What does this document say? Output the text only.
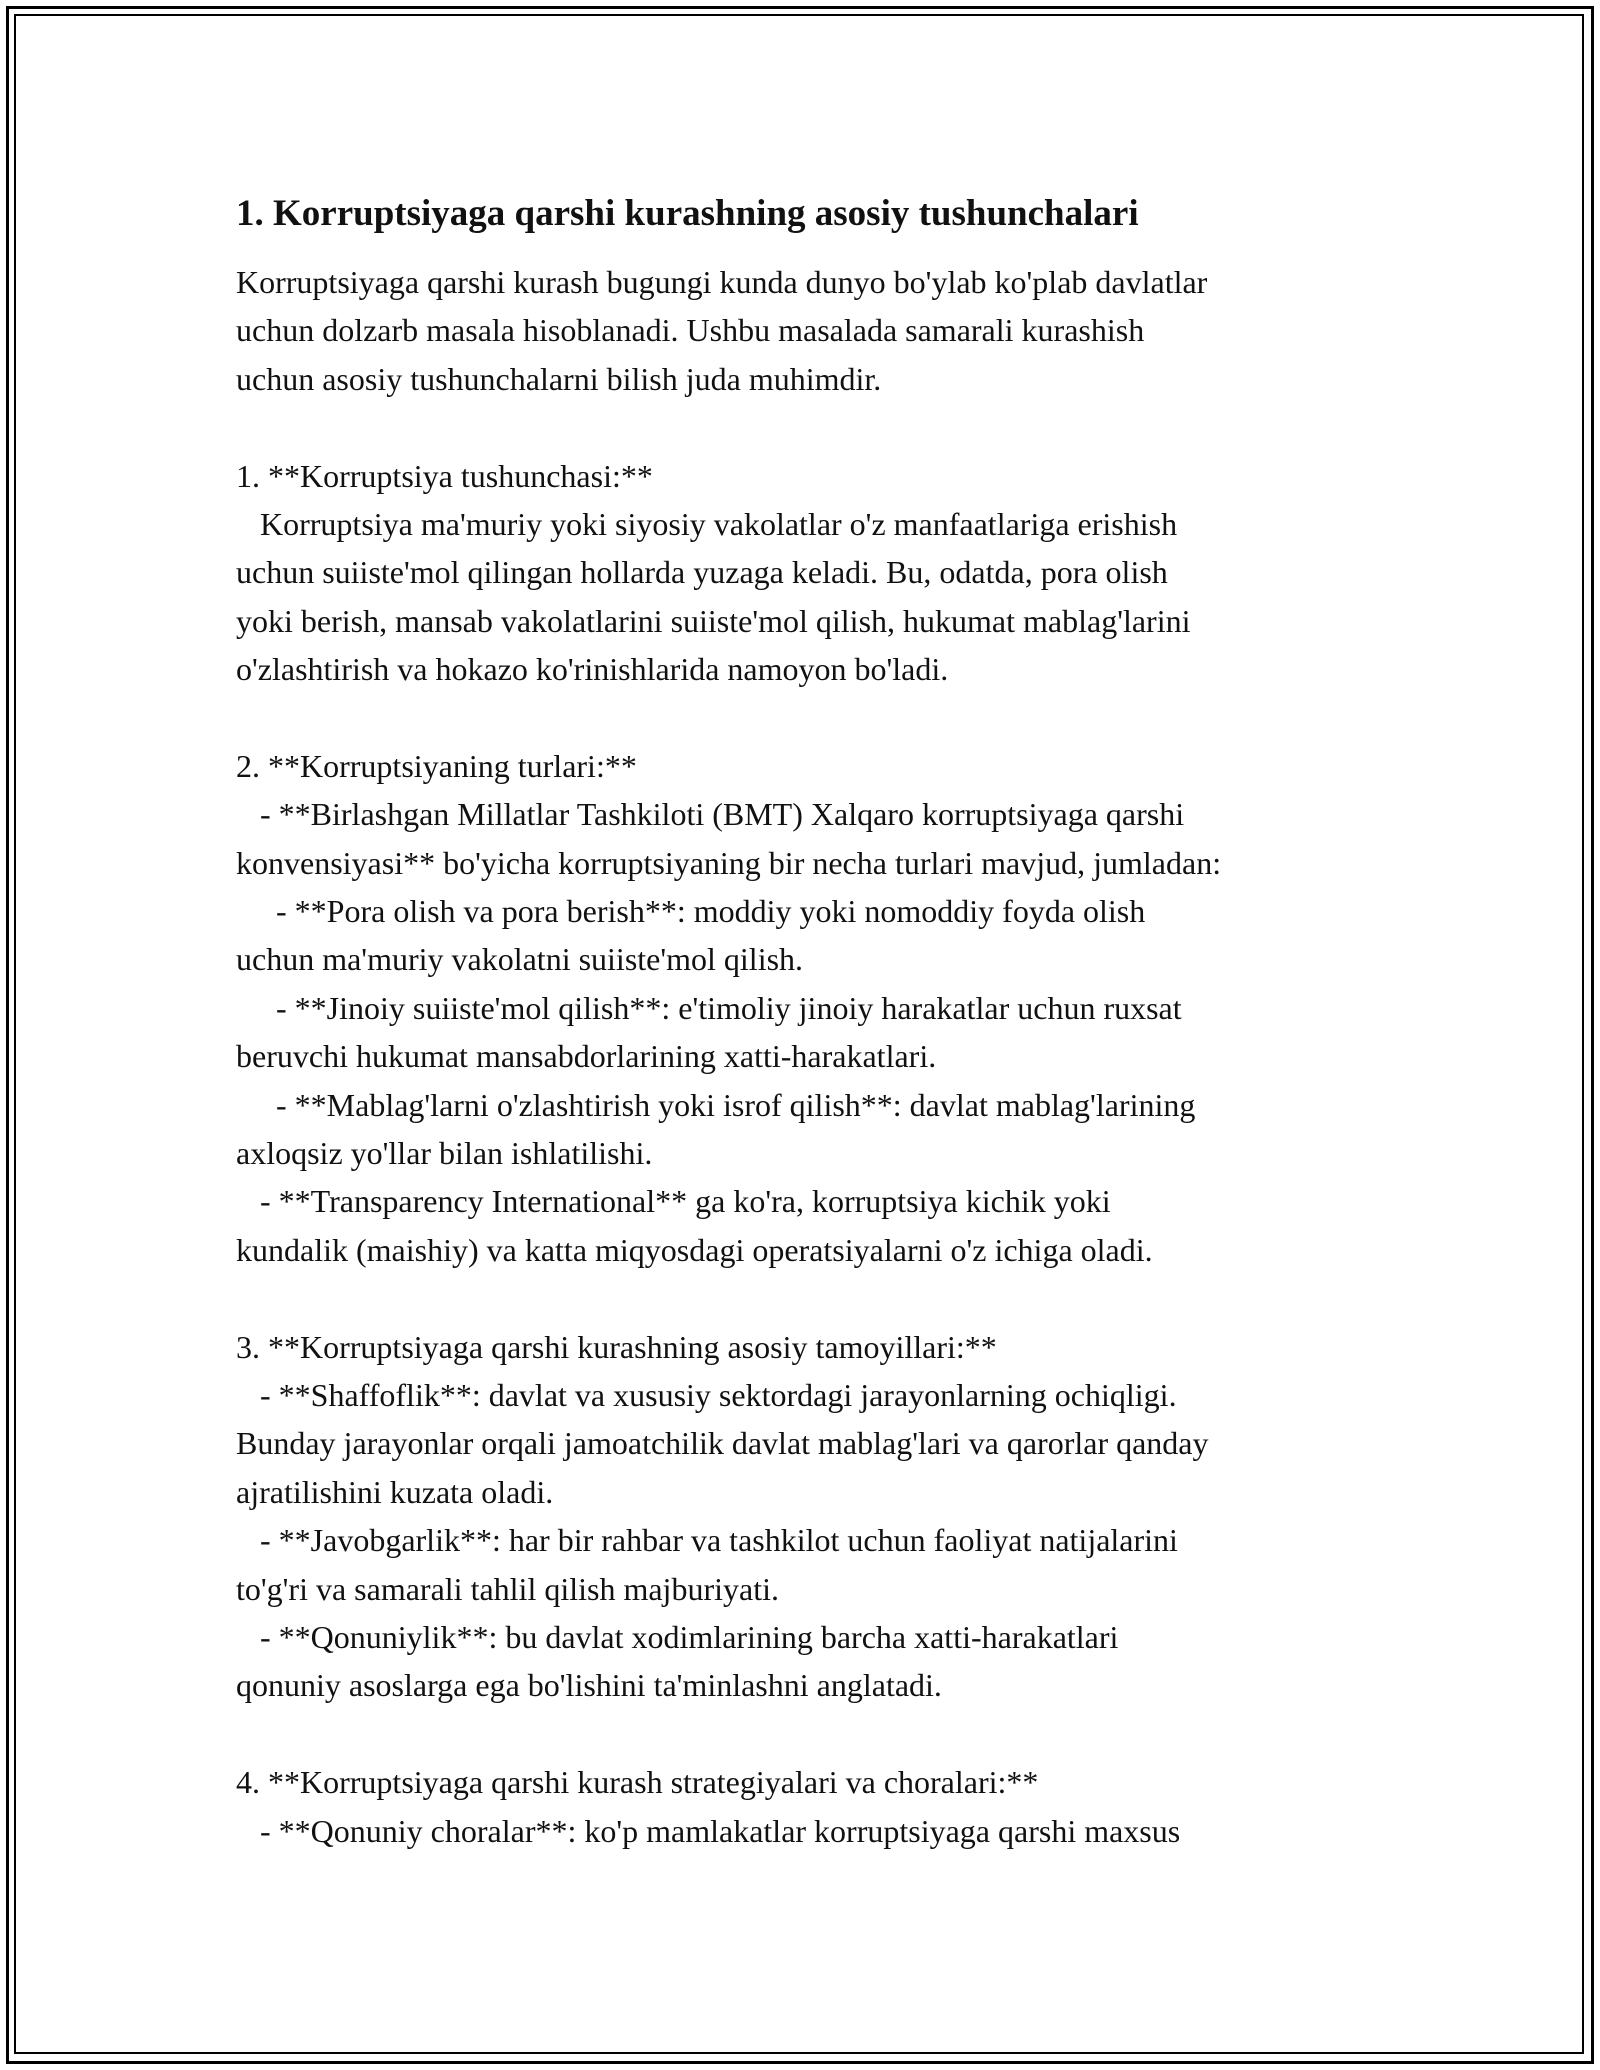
1. Korruptsiyaga qarshi kurashning asosiy tushunchalari
Korruptsiyaga qarshi kurash bugungi kunda dunyo bo'ylab ko'plab davlatlar
uchun dolzarb masala hisoblanadi. Ushbu masalada samarali kurashish
uchun asosiy tushunchalarni bilish juda muhimdir.
1. **Korruptsiya tushunchasi:**
Korruptsiya ma'muriy yoki siyosiy vakolatlar o'z manfaatlariga erishish
uchun suiiste'mol qilingan hollarda yuzaga keladi. Bu, odatda, pora olish
yoki berish, mansab vakolatlarini suiiste'mol qilish, hukumat mablag'larini
o'zlashtirish va hokazo ko'rinishlarida namoyon bo'ladi.
2. **Korruptsiyaning turlari:**
- **Birlashgan Millatlar Tashkiloti (BMT) Xalqaro korruptsiyaga qarshi
konvensiyasi** bo'yicha korruptsiyaning bir necha turlari mavjud, jumladan:
- **Pora olish va pora berish**: moddiy yoki nomoddiy foyda olish
uchun ma'muriy vakolatni suiiste'mol qilish.
- **Jinoiy suiiste'mol qilish**: e'timoliy jinoiy harakatlar uchun ruxsat
beruvchi hukumat mansabdorlarining xatti-harakatlari.
- **Mablag'larni o'zlashtirish yoki isrof qilish**: davlat mablag'larining
axloqsiz yo'llar bilan ishlatilishi.
- **Transparency International** ga ko'ra, korruptsiya kichik yoki
kundalik (maishiy) va katta miqyosdagi operatsiyalarni o'z ichiga oladi.
3. **Korruptsiyaga qarshi kurashning asosiy tamoyillari:**
- **Shaffoflik**: davlat va xususiy sektordagi jarayonlarning ochiqligi.
Bunday jarayonlar orqali jamoatchilik davlat mablag'lari va qarorlar qanday
ajratilishini kuzata oladi.
- **Javobgarlik**: har bir rahbar va tashkilot uchun faoliyat natijalarini
to'g'ri va samarali tahlil qilish majburiyati.
- **Qonuniylik**: bu davlat xodimlarining barcha xatti-harakatlari
qonuniy asoslarga ega bo'lishini ta'minlashni anglatadi.
4. **Korruptsiyaga qarshi kurash strategiyalari va choralari:**
- **Qonuniy choralar**: ko'p mamlakatlar korruptsiyaga qarshi maxsus
